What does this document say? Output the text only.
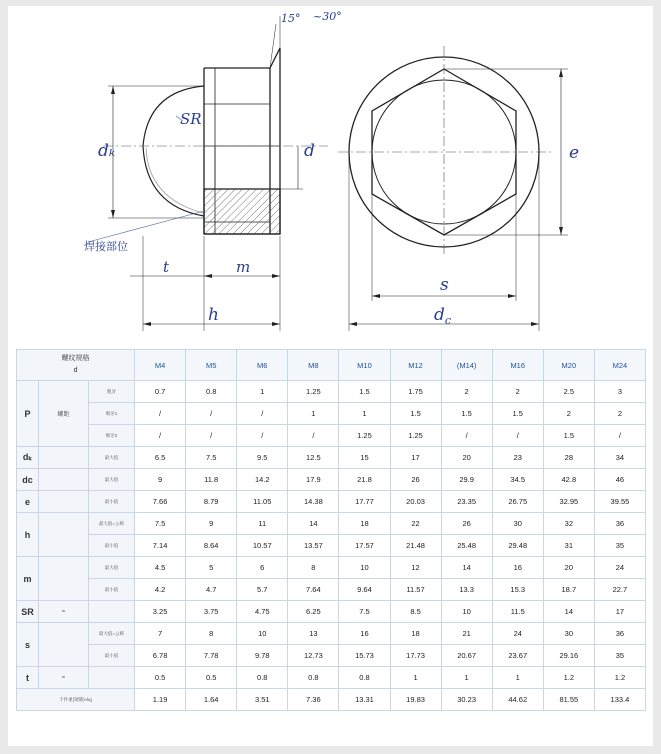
15° ~30°
SR
dₖ	d
t	m
h
焊接部位
e
s
$d_c$
螺纹规格
d			M4	M5	M6	M8	M10	M12	(M14)	M16	M20	M24
P	螺距	粗牙	0.7	0.8	1	1.25	1.5	1.75	2	2	2.5	3
		细牙1	/	/	/	1	1	1.5	1.5	1.5	2	2
		细牙2	/	/	/	/	1.25	1.25	/	/	1.5	/
dₖ		最大值	6.5	7.5	9.5	12.5	15	17	20	23	28	34
dc		最大值	9	11.8	14.2	17.9	21.8	26	29.9	34.5	42.8	46
e		最小值	7.66	8.79	11.05	14.38	17.77	20.03	23.35	26.75	32.95	39.55
h		最大值=公称	7.5	9	11	14	18	22	26	30	32	36
		最小值	7.14	8.64	10.57	13.57	17.57	21.48	25.48	29.48	31	35
m		最大值	4.5	5	6	8	10	12	14	16	20	24
		最小值	4.2	4.7	5.7	7.64	9.64	11.57	13.3	15.3	18.7	22.7
SR	≈		3.25	3.75	4.75	6.25	7.5	8.5	10	11.5	14	17
s		最大值=公称	7	8	10	13	16	18	21	24	30	36
		最小值	6.78	7.78	9.78	12.73	15.73	17.73	20.67	23.67	29.16	35
t	≈		0.5	0.5	0.8	0.8	0.8	1	1	1	1.2	1.2
千件重(钢制)≈kg			1.19	1.64	3.51	7.36	13.31	19.83	30.23	44.62	81.55	133.4
